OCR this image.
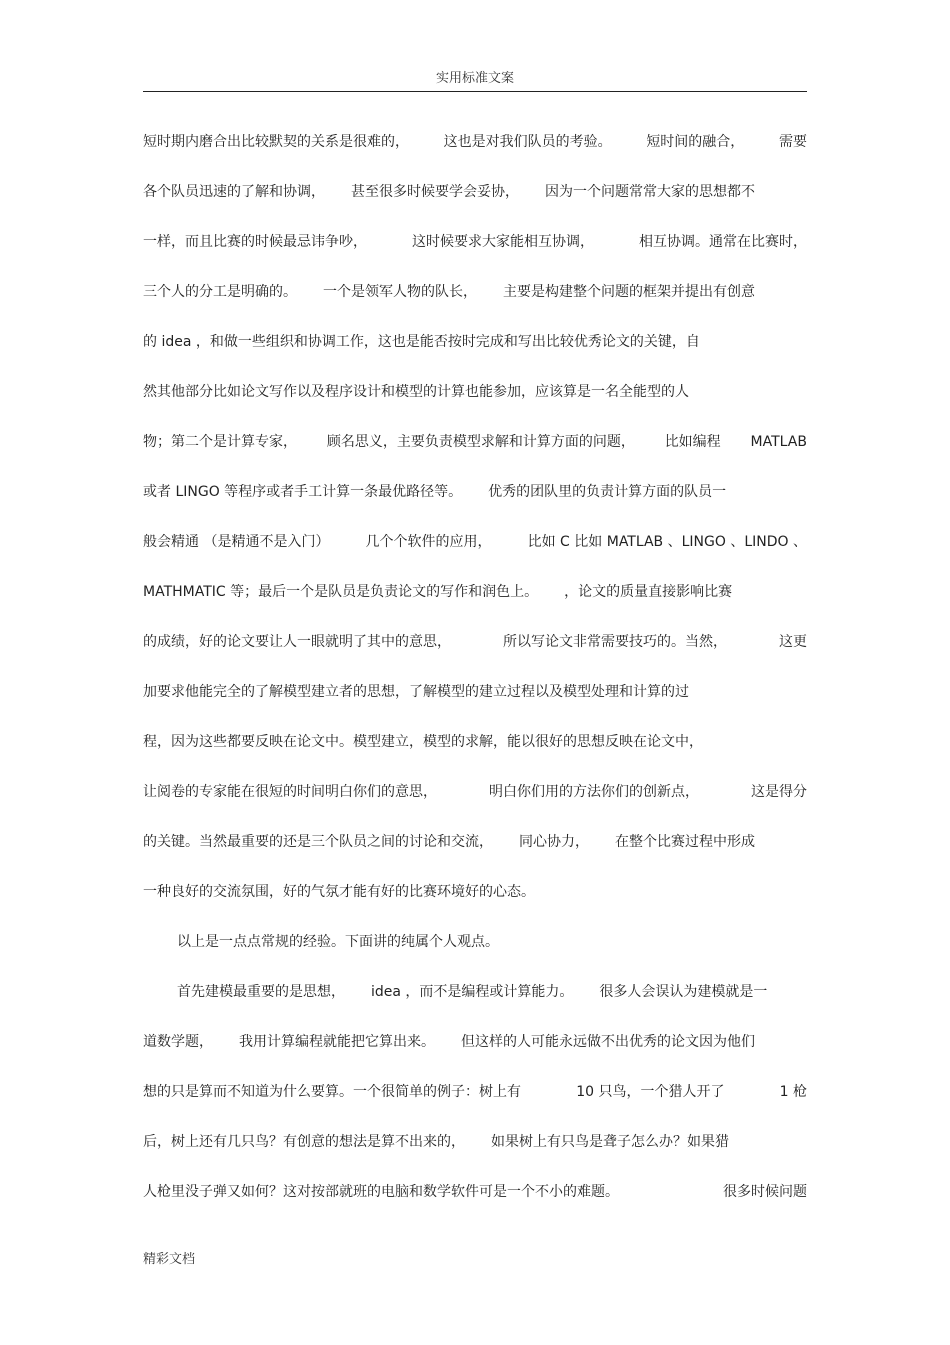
实用标准文案
短时期内磨合出比较默契的关系是很难的， 这也是对我们队员的考验。 短时间的融合， 需要
各个队员迅速的了解和协调， 甚至很多时候要学会妥协， 因为一个问题常常大家的思想都不
一样，而且比赛的时候最忌讳争吵，	这时候要求大家能相互协调，	相互协调。通常在比赛时，
三个人的分工是明确的。 一个是领军人物的队长， 主要是构建整个问题的框架并提出有创意
的 idea ，和做一些组织和协调工作，这也是能否按时完成和写出比较优秀论文的关键，自
然其他部分比如论文写作以及程序设计和模型的计算也能参加，应该算是一名全能型的人
物；第二个是计算专家， 顾名思义，主要负责模型求解和计算方面的问题， 比如编程 MATLAB
或者 LINGO 等程序或者手工计算一条最优路径等。 优秀的团队里的负责计算方面的队员一
般会精通 （是精通不是入门）	几个个软件的应用，	比如 C 比如 MATLAB 、LINGO 、LINDO 、
MATHMATIC 等；最后一个是队员是负责论文的写作和润色上。 ，论文的质量直接影响比赛
的成绩，好的论文要让人一眼就明了其中的意思，	所以写论文非常需要技巧的。当然，	这更
加要求他能完全的了解模型建立者的思想，了解模型的建立过程以及模型处理和计算的过
程，因为这些都要反映在论文中。模型建立，模型的求解，能以很好的思想反映在论文中，
让阅卷的专家能在很短的时间明白你们的意思，	明白你们用的方法你们的创新点，	这是得分
的关键。当然最重要的还是三个队员之间的讨论和交流， 同心协力， 在整个比赛过程中形成
一种良好的交流氛围，好的气氛才能有好的比赛环境好的心态。
以上是一点点常规的经验。下面讲的纯属个人观点。
首先建模最重要的是思想， idea ，而不是编程或计算能力。 很多人会误认为建模就是一
道数学题， 我用计算编程就能把它算出来。 但这样的人可能永远做不出优秀的论文因为他们
想的只是算而不知道为什么要算。一个很简单的例子：树上有	10 只鸟，一个猎人开了	1 枪
后，树上还有几只鸟？有创意的想法是算不出来的， 如果树上有只鸟是聋子怎么办？如果猎
人枪里没子弹又如何？这对按部就班的电脑和数学软件可是一个不小的难题。	很多时候问题
精彩文档
